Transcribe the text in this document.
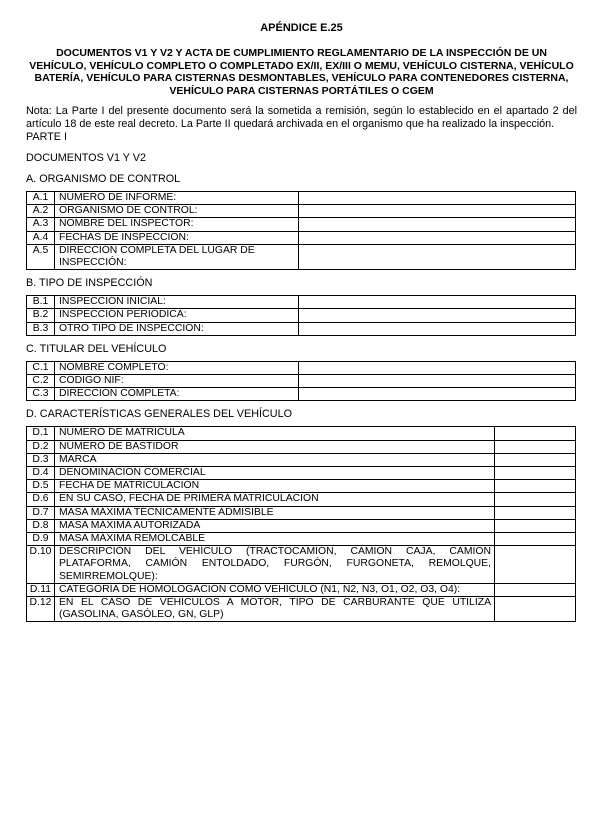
APÉNDICE E.25
DOCUMENTOS V1 Y V2 Y ACTA DE CUMPLIMIENTO REGLAMENTARIO DE LA INSPECCIÓN DE UN
VEHÍCULO, VEHÍCULO COMPLETO O COMPLETADO EX/II, EX/III O MEMU, VEHÍCULO CISTERNA, VEHÍCULO
BATERÍA, VEHÍCULO PARA CISTERNAS DESMONTABLES, VEHÍCULO PARA CONTENEDORES CISTERNA,
VEHÍCULO PARA CISTERNAS PORTÁTILES O CGEM

Nota: La Parte I del presente documento será la sometida a remisión, según lo establecido en el apartado 2 del artículo 18 de este real decreto. La Parte II quedará archivada en el organismo que ha realizado la inspección.

PARTE I

DOCUMENTOS V1 Y V2

A. ORGANISMO DE CONTROL

A.1	NÚMERO DE INFORME:	
A.2	ORGANISMO DE CONTROL:	
A.3	NOMBRE DEL INSPECTOR:	
A.4	FECHAS DE INSPECCIÓN:	
A.5	DIRECCIÓN COMPLETA DEL LUGAR DE INSPECCIÓN:	

B. TIPO DE INSPECCIÓN

B.1	INSPECCIÓN INICIAL:	
B.2	INSPECCIÓN PERIÓDICA:	
B.3	OTRO TIPO DE INSPECCIÓN:	

C. TITULAR DEL VEHÍCULO

C.1	NOMBRE COMPLETO:	
C.2	CÓDIGO NIF:	
C.3	DIRECCIÓN COMPLETA:	

D. CARACTERÍSTICAS GENERALES DEL VEHÍCULO

D.1	NÚMERO DE MATRÍCULA	
D.2	NÚMERO DE BASTIDOR	
D.3	MARCA	
D.4	DENOMINACIÓN COMERCIAL	
D.5	FECHA DE MATRICULACIÓN	
D.6	EN SU CASO, FECHA DE PRIMERA MATRICULACIÓN	
D.7	MASA MÁXIMA TÉCNICAMENTE ADMISIBLE	
D.8	MASA MÁXIMA AUTORIZADA	
D.9	MASA MÁXIMA REMOLCABLE	
D.10	DESCRIPCIÓN DEL VEHÍCULO (TRACTOCAMIÓN, CAMIÓN CAJA, CAMIÓN PLATAFORMA, CAMIÓN ENTOLDADO, FURGÓN, FURGONETA, REMOLQUE, SEMIRREMOLQUE):	
D.11	CATEGORÍA DE HOMOLOGACIÓN COMO VEHÍCULO (N1, N2, N3, O1, O2, O3, O4):	
D.12	EN EL CASO DE VEHÍCULOS A MOTOR, TIPO DE CARBURANTE QUE UTILIZA (GASOLINA, GASÓLEO, GN, GLP)	
